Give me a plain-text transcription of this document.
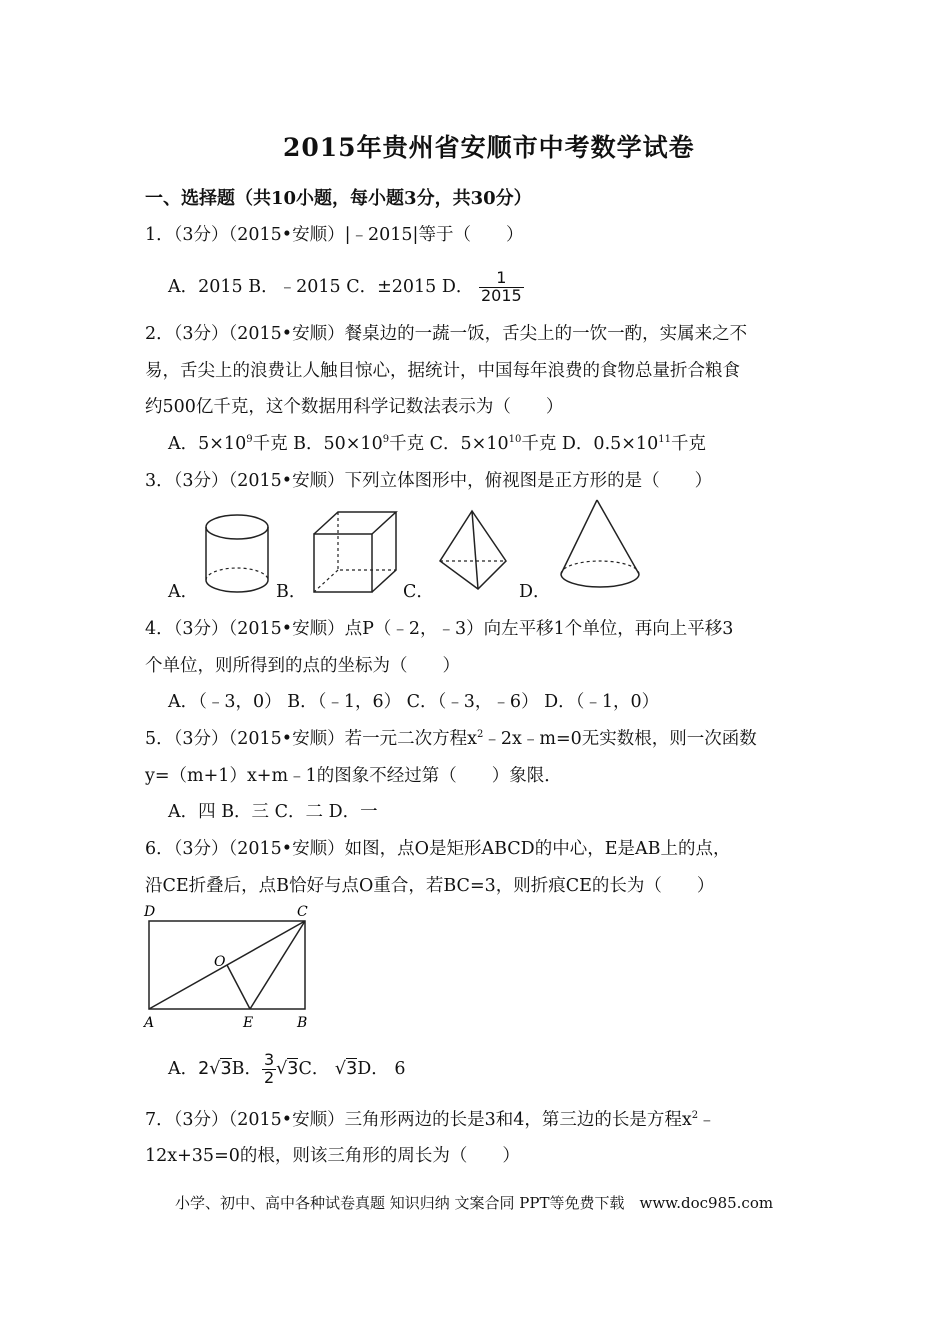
2015年贵州省安顺市中考数学试卷
一、选择题（共10小题，每小题3分，共30分）
1．（3分）（2015•安顺）|﹣2015|等于（　　）
A．2015 B．﹣2015 C．±2015 D． $\frac{1}{2015}$
2．（3分）（2015•安顺）餐桌边的一蔬一饭，舌尖上的一饮一酌，实属来之不
易，舌尖上的浪费让人触目惊心，据统计，中国每年浪费的食物总量折合粮食
约500亿千克，这个数据用科学记数法表示为（　　）
A．$5\times 10^9$千克 B．$50\times 10^9$千克 C．$5\times 10^{10}$千克 D．$0.5\times 10^{11}$千克
3．（3分）（2015•安顺）下列立体图形中，俯视图是正方形的是（　　）
A．	B．	C．	D．
4．（3分）（2015•安顺）点P（﹣2，﹣3）向左平移1个单位，再向上平移3
个单位，则所得到的点的坐标为（　　）
A．（﹣3，0） B．（﹣1，6） C．（﹣3，﹣6） D．（﹣1，0）
5．（3分）（2015•安顺）若一元二次方程$x^2﹣2x﹣m=0$无实数根，则一次函数
y=（m+1）x+m﹣1的图象不经过第（　　）象限．
A．四 B．三 C．二 D．一
6．（3分）（2015•安顺）如图，点O是矩形ABCD的中心，E是AB上的点，
沿CE折叠后，点B恰好与点O重合，若BC=3，则折痕CE的长为（　　）
D	C
O
A	E	B
A．2√3B． $\frac{3}{2} √3C$． √3D． 6
7．（3分）（2015•安顺）三角形两边的长是3和4，第三边的长是方程$x^2﹣$
12x+35=0的根，则该三角形的周长为（　　）
小学、初中、高中各种试卷真题 知识归纳 文案合同 PPT等免费下载　www.doc985.com
